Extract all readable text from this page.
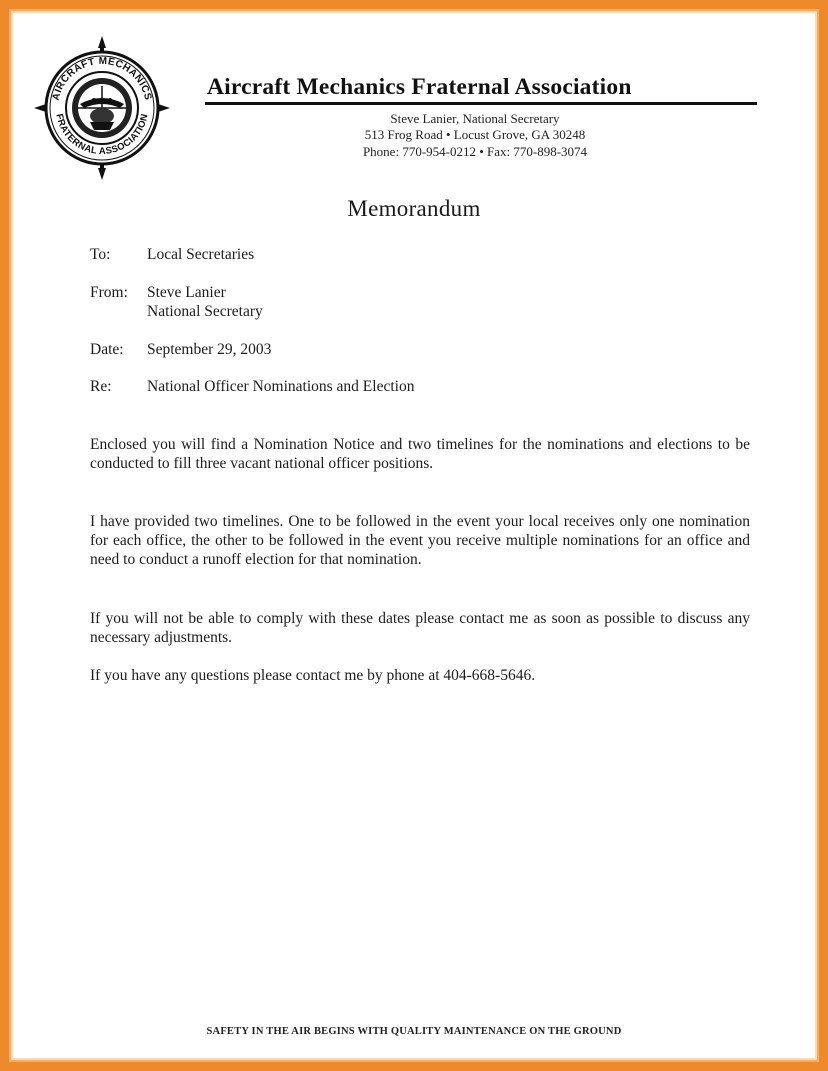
AIRCRAFT MECHANICS
FRATERNAL ASSOCIATION
Aircraft Mechanics Fraternal Association
Steve Lanier, National Secretary
513 Frog Road • Locust Grove, GA 30248
Phone: 770-954-0212 • Fax: 770-898-3074
Memorandum
To: Local Secretaries
From: Steve Lanier
National Secretary
Date: September 29, 2003
Re: National Officer Nominations and Election

Enclosed you will find a Nomination Notice and two timelines for the nominations and elections to be conducted to fill three vacant national officer positions.

I have provided two timelines. One to be followed in the event your local receives only one nomination for each office, the other to be followed in the event you receive multiple nominations for an office and need to conduct a runoff election for that nomination.

If you will not be able to comply with these dates please contact me as soon as possible to discuss any necessary adjustments.

If you have any questions please contact me by phone at 404-668-5646.

SAFETY IN THE AIR BEGINS WITH QUALITY MAINTENANCE ON THE GROUND
